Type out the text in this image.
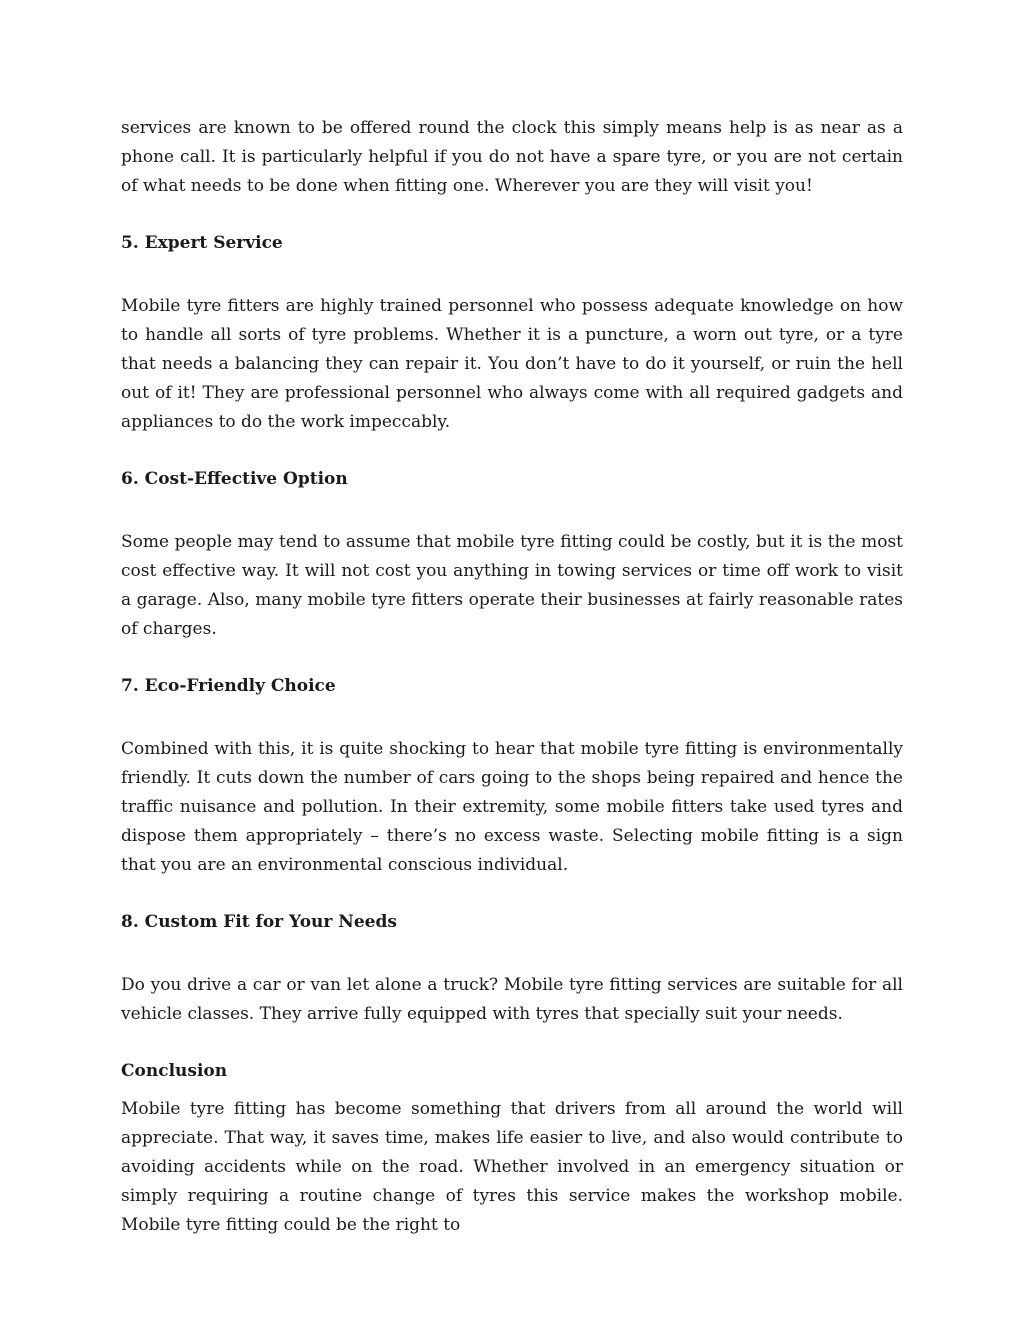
services are known to be offered round the clock this simply means help is as near as a phone call. It is particularly helpful if you do not have a spare tyre, or you are not certain of what needs to be done when fitting one. Wherever you are they will visit you!

5. Expert Service

Mobile tyre fitters are highly trained personnel who possess adequate knowledge on how to handle all sorts of tyre problems. Whether it is a puncture, a worn out tyre, or a tyre that needs a balancing they can repair it. You don’t have to do it yourself, or ruin the hell out of it! They are professional personnel who always come with all required gadgets and appliances to do the work impeccably.

6. Cost-Effective Option

Some people may tend to assume that mobile tyre fitting could be costly, but it is the most cost effective way. It will not cost you anything in towing services or time off work to visit a garage. Also, many mobile tyre fitters operate their businesses at fairly reasonable rates of charges.

7. Eco-Friendly Choice

Combined with this, it is quite shocking to hear that mobile tyre fitting is environmentally friendly. It cuts down the number of cars going to the shops being repaired and hence the traffic nuisance and pollution. In their extremity, some mobile fitters take used tyres and dispose them appropriately – there’s no excess waste. Selecting mobile fitting is a sign that you are an environmental conscious individual.

8. Custom Fit for Your Needs

Do you drive a car or van let alone a truck? Mobile tyre fitting services are suitable for all vehicle classes. They arrive fully equipped with tyres that specially suit your needs.

Conclusion

Mobile tyre fitting has become something that drivers from all around the world will appreciate. That way, it saves time, makes life easier to live, and also would contribute to avoiding accidents while on the road. Whether involved in an emergency situation or simply requiring a routine change of tyres this service makes the workshop mobile. Mobile tyre fitting could be the right to
